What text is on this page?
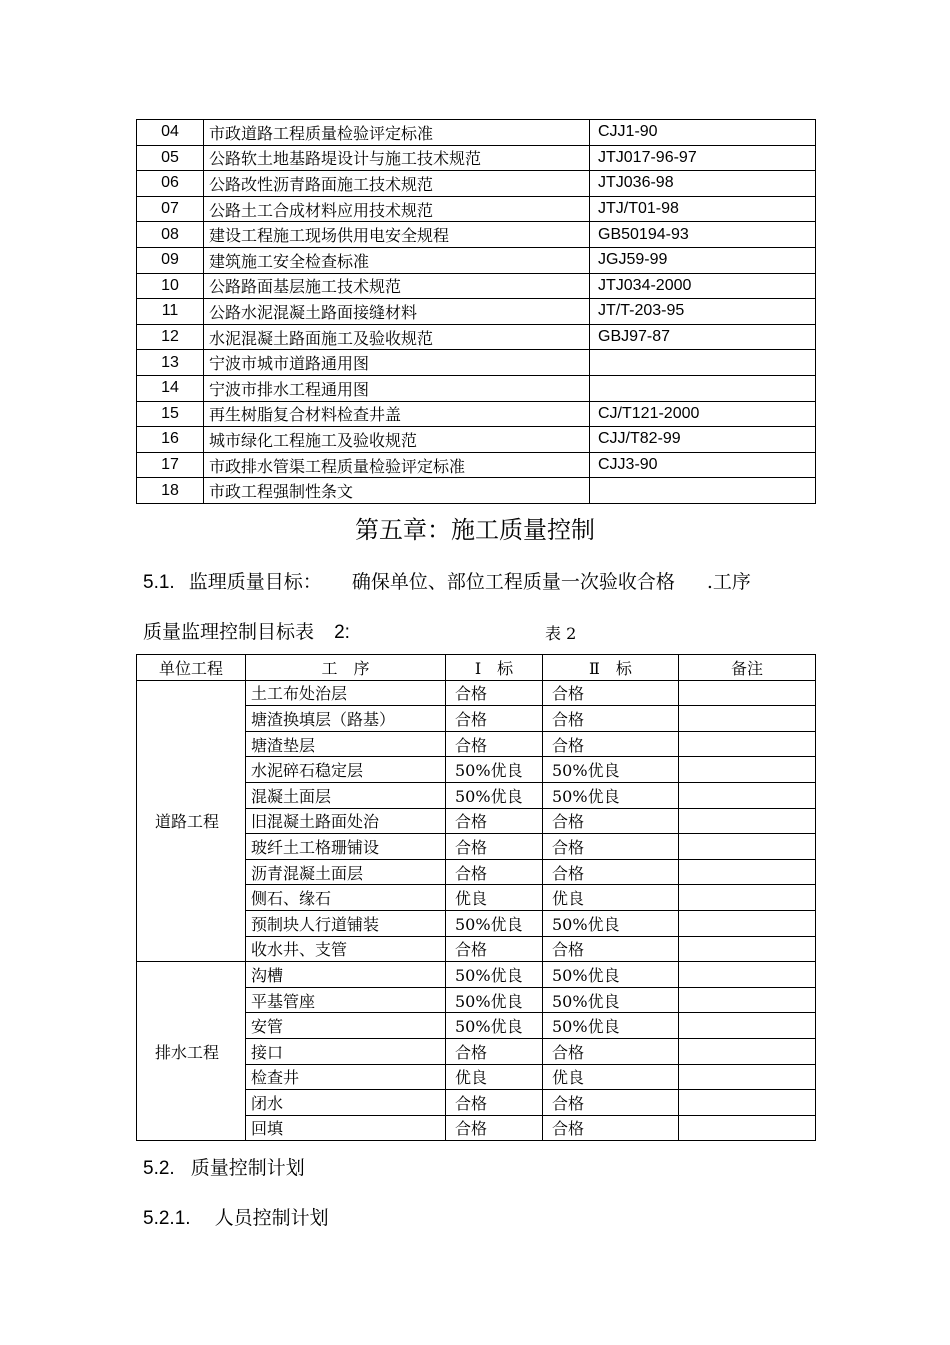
04	市政道路工程质量检验评定标准	CJJ1-90
05	公路软土地基路堤设计与施工技术规范	JTJ017-96-97
06	公路改性沥青路面施工技术规范	JTJ036-98
07	公路土工合成材料应用技术规范	JTJ/T01-98
08	建设工程施工现场供用电安全规程	GB50194-93
09	建筑施工安全检查标准	JGJ59-99
10	公路路面基层施工技术规范	JTJ034-2000
11	公路水泥混凝土路面接缝材料	JT/T-203-95
12	水泥混凝土路面施工及验收规范	GBJ97-87
13	宁波市城市道路通用图	
14	宁波市排水工程通用图	
15	再生树脂复合材料检查井盖	CJ/T121-2000
16	城市绿化工程施工及验收规范	CJJ/T82-99
17	市政排水管渠工程质量检验评定标准	CJJ3-90
18	市政工程强制性条文	
第五章：施工质量控制
5.1. 监理质量目标： 确保单位、部位工程质量一次验收合格 .工序
质量监理控制目标表 2:	表 2
单位工程	工　序	Ⅰ　标	Ⅱ　标	备注
道路工程	土工布处治层	合格	合格	
	塘渣换填层（路基）	合格	合格	
	塘渣垫层	合格	合格	
	水泥碎石稳定层	50%优良	50%优良	
	混凝土面层	50%优良	50%优良	
	旧混凝土路面处治	合格	合格	
	玻纤土工格珊铺设	合格	合格	
	沥青混凝土面层	合格	合格	
	侧石、缘石	优良	优良	
	预制块人行道铺装	50%优良	50%优良	
	收水井、支管	合格	合格	
排水工程	沟槽	50%优良	50%优良	
	平基管座	50%优良	50%优良	
	安管	50%优良	50%优良	
	接口	合格	合格	
	检查井	优良	优良	
	闭水	合格	合格	
	回填	合格	合格	
5.2. 质量控制计划
5.2.1. 人员控制计划
